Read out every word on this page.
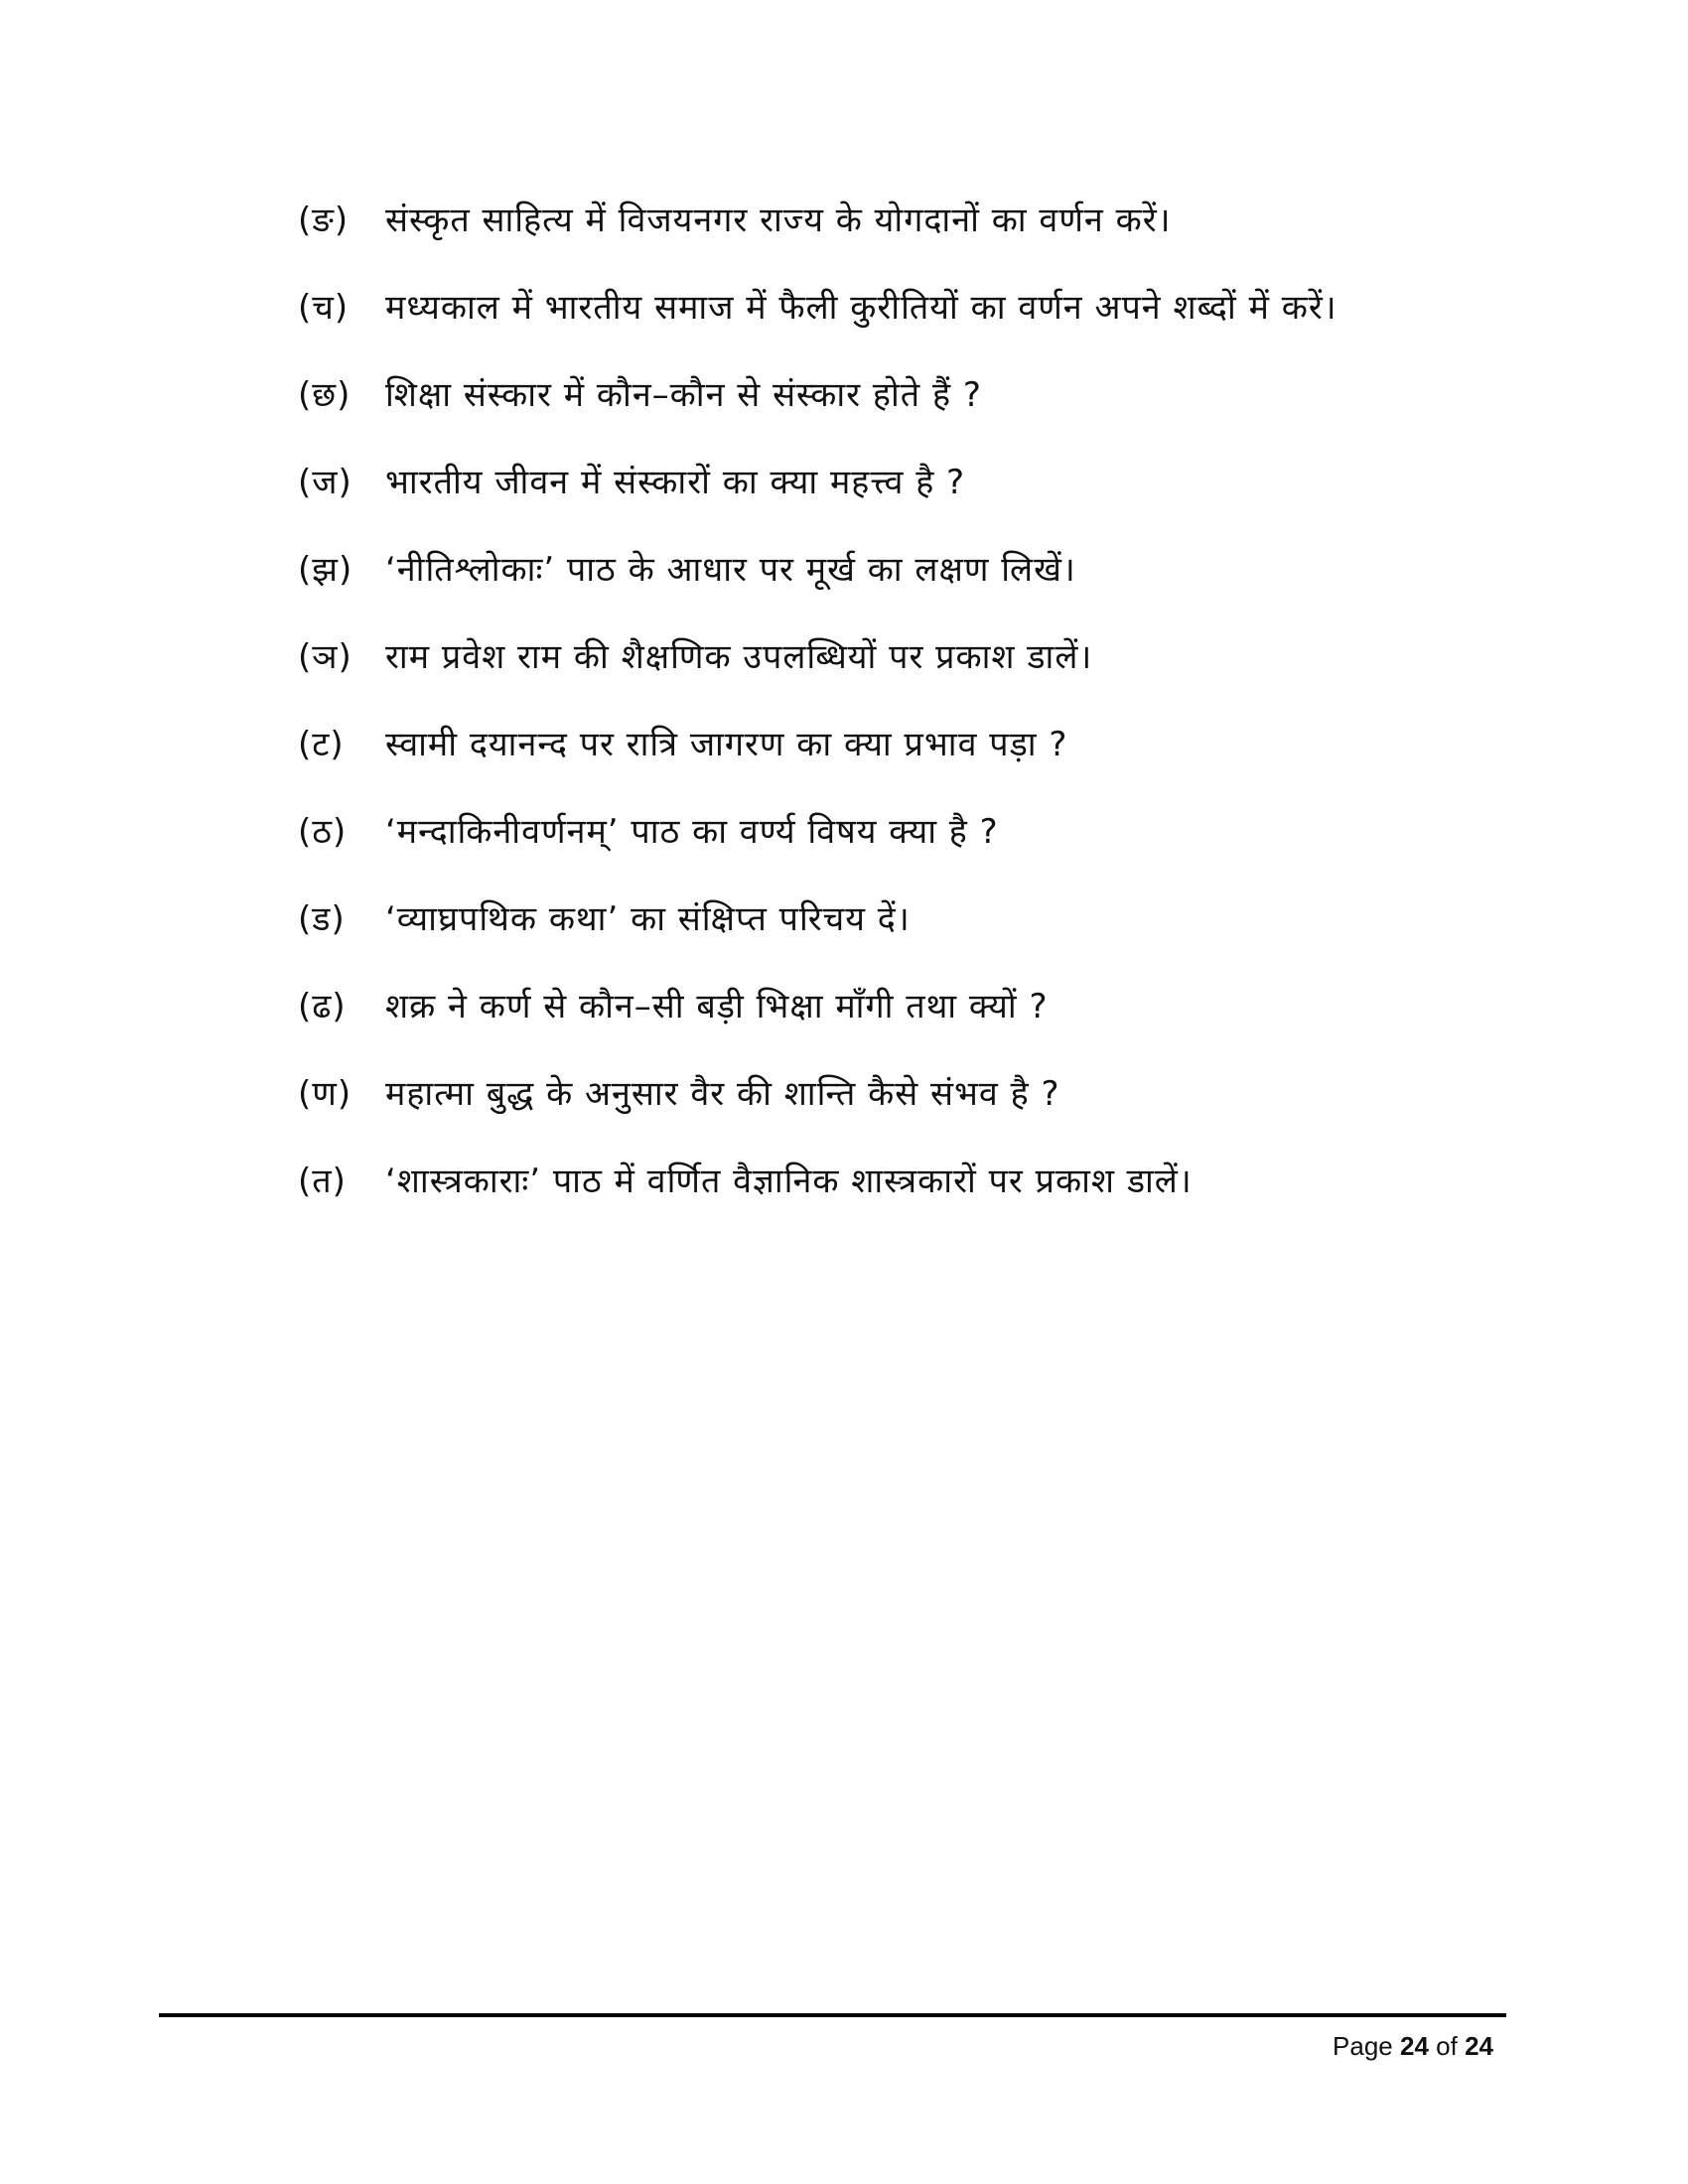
(ङ)	संस्कृत साहित्य में विजयनगर राज्य के योगदानों का वर्णन करें।
(च)	मध्यकाल में भारतीय समाज में फैली कुरीतियों का वर्णन अपने शब्दों में करें।
(छ)	शिक्षा संस्कार में कौन–कौन से संस्कार होते हैं ?
(ज) भारतीय जीवन में संस्कारों का क्या महत्त्व है ?
(झ) ‘नीतिश्लोकाः’ पाठ के आधार पर मूर्ख का लक्षण लिखें।
(ञ) राम प्रवेश राम की शैक्षणिक उपलब्धियों पर प्रकाश डालें।
(ट)	स्वामी दयानन्द पर रात्रि जागरण का क्या प्रभाव पड़ा ?
(ठ)	‘मन्दाकिनीवर्णनम्’ पाठ का वर्ण्य विषय क्या है ?
(ड)	‘व्याघ्रपथिक कथा’ का संक्षिप्त परिचय दें।
(ढ)	शक्र ने कर्ण से कौन–सी बड़ी भिक्षा माँगी तथा क्यों ?
(ण) महात्मा बुद्ध के अनुसार वैर की शान्ति कैसे संभव है ?
(त)	‘शास्त्रकाराः’ पाठ में वर्णित वैज्ञानिक शास्त्रकारों पर प्रकाश डालें।
Page 24 of 24
